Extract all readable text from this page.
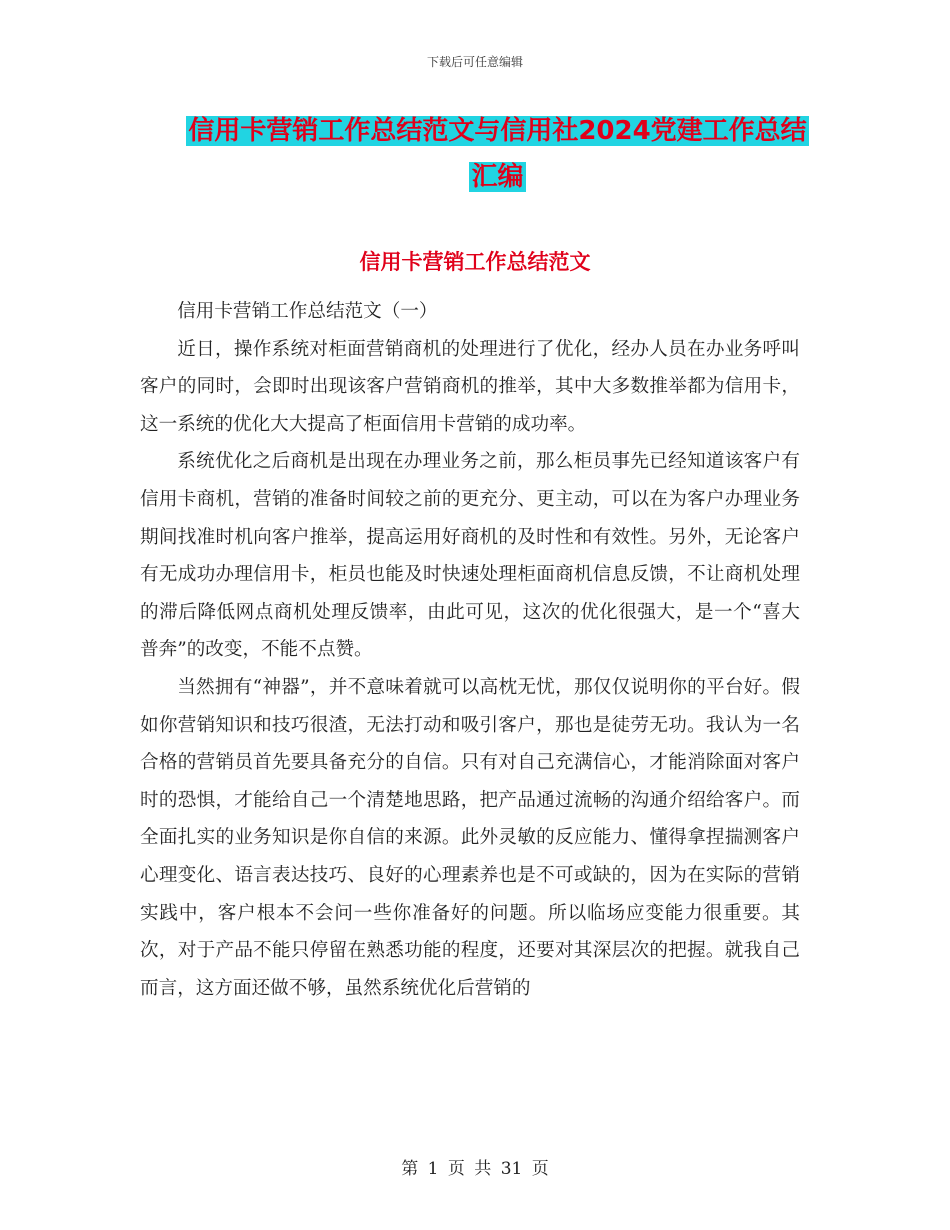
下载后可任意编辑
信用卡营销工作总结范文与信用社2024党建工作总结
汇编
信用卡营销工作总结范文

信用卡营销工作总结范文（一）

近日，操作系统对柜面营销商机的处理进行了优化，经办人员在办业务呼叫客户的同时，会即时出现该客户营销商机的推举，其中大多数推举都为信用卡，这一系统的优化大大提高了柜面信用卡营销的成功率。

系统优化之后商机是出现在办理业务之前，那么柜员事先已经知道该客户有信用卡商机，营销的准备时间较之前的更充分、更主动，可以在为客户办理业务期间找准时机向客户推举，提高运用好商机的及时性和有效性。另外，无论客户有无成功办理信用卡，柜员也能及时快速处理柜面商机信息反馈，不让商机处理的滞后降低网点商机处理反馈率，由此可见，这次的优化很强大，是一个“喜大普奔”的改变，不能不点赞。

当然拥有“神器”，并不意味着就可以高枕无忧，那仅仅说明你的平台好。假如你营销知识和技巧很渣，无法打动和吸引客户，那也是徒劳无功。我认为一名合格的营销员首先要具备充分的自信。只有对自己充满信心，才能消除面对客户时的恐惧，才能给自己一个清楚地思路，把产品通过流畅的沟通介绍给客户。而全面扎实的业务知识是你自信的来源。此外灵敏的反应能力、懂得拿捏揣测客户心理变化、语言表达技巧、良好的心理素养也是不可或缺的，因为在实际的营销实践中，客户根本不会问一些你准备好的问题。所以临场应变能力很重要。其次，对于产品不能只停留在熟悉功能的程度，还要对其深层次的把握。就我自己而言，这方面还做不够，虽然系统优化后营销的

第 1 页 共 31 页
